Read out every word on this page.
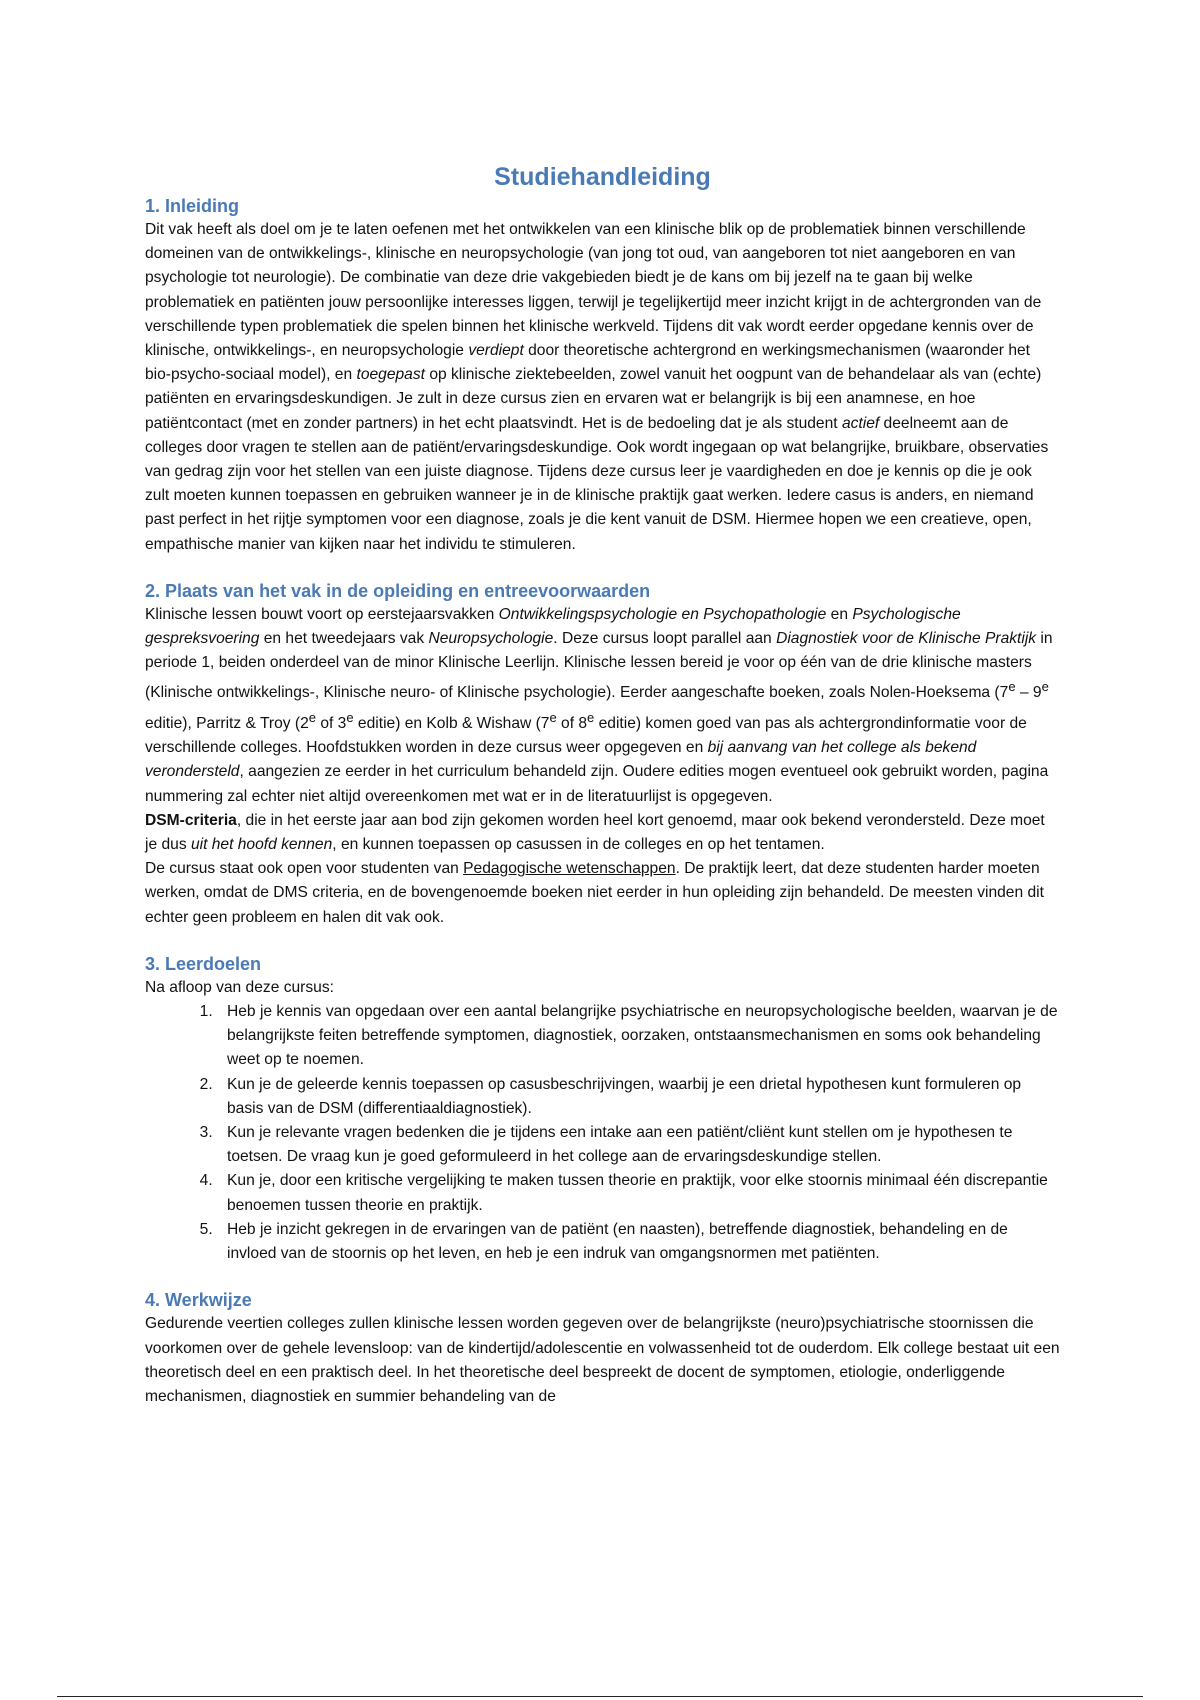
Studiehandleiding
1. Inleiding

Dit vak heeft als doel om je te laten oefenen met het ontwikkelen van een klinische blik op de problematiek binnen verschillende domeinen van de ontwikkelings-, klinische en neuropsychologie (van jong tot oud, van aangeboren tot niet aangeboren en van psychologie tot neurologie). De combinatie van deze drie vakgebieden biedt je de kans om bij jezelf na te gaan bij welke problematiek en patiënten jouw persoonlijke interesses liggen, terwijl je tegelijkertijd meer inzicht krijgt in de achtergronden van de verschillende typen problematiek die spelen binnen het klinische werkveld. Tijdens dit vak wordt eerder opgedane kennis over de klinische, ontwikkelings-, en neuropsychologie verdiept door theoretische achtergrond en werkingsmechanismen (waaronder het bio-psycho-sociaal model), en toegepast op klinische ziektebeelden, zowel vanuit het oogpunt van de behandelaar als van (echte) patiënten en ervaringsdeskundigen. Je zult in deze cursus zien en ervaren wat er belangrijk is bij een anamnese, en hoe patiëntcontact (met en zonder partners) in het echt plaatsvindt. Het is de bedoeling dat je als student actief deelneemt aan de colleges door vragen te stellen aan de patiënt/ervaringsdeskundige. Ook wordt ingegaan op wat belangrijke, bruikbare, observaties van gedrag zijn voor het stellen van een juiste diagnose. Tijdens deze cursus leer je vaardigheden en doe je kennis op die je ook zult moeten kunnen toepassen en gebruiken wanneer je in de klinische praktijk gaat werken. Iedere casus is anders, en niemand past perfect in het rijtje symptomen voor een diagnose, zoals je die kent vanuit de DSM. Hiermee hopen we een creatieve, open, empathische manier van kijken naar het individu te stimuleren.

2. Plaats van het vak in de opleiding en entreevoorwaarden

Klinische lessen bouwt voort op eerstejaarsvakken Ontwikkelingspsychologie en Psychopathologie en Psychologische gespreksvoering en het tweedejaars vak Neuropsychologie. Deze cursus loopt parallel aan Diagnostiek voor de Klinische Praktijk in periode 1, beiden onderdeel van de minor Klinische Leerlijn. Klinische lessen bereid je voor op één van de drie klinische masters (Klinische ontwikkelings-, Klinische neuro- of Klinische psychologie). Eerder aangeschafte boeken, zoals Nolen-Hoeksema (7e – 9e editie), Parritz & Troy (2e of 3e editie) en Kolb & Wishaw (7e of 8e editie) komen goed van pas als achtergrondinformatie voor de verschillende colleges. Hoofdstukken worden in deze cursus weer opgegeven en bij aanvang van het college als bekend verondersteld, aangezien ze eerder in het curriculum behandeld zijn. Oudere edities mogen eventueel ook gebruikt worden, pagina nummering zal echter niet altijd overeenkomen met wat er in de literatuurlijst is opgegeven.

DSM-criteria, die in het eerste jaar aan bod zijn gekomen worden heel kort genoemd, maar ook bekend verondersteld. Deze moet je dus uit het hoofd kennen, en kunnen toepassen op casussen in de colleges en op het tentamen.

De cursus staat ook open voor studenten van Pedagogische wetenschappen. De praktijk leert, dat deze studenten harder moeten werken, omdat de DMS criteria, en de bovengenoemde boeken niet eerder in hun opleiding zijn behandeld. De meesten vinden dit echter geen probleem en halen dit vak ook.

3. Leerdoelen

Na afloop van deze cursus:

1. Heb je kennis van opgedaan over een aantal belangrijke psychiatrische en neuropsychologische beelden, waarvan je de belangrijkste feiten betreffende symptomen, diagnostiek, oorzaken, ontstaansmechanismen en soms ook behandeling weet op te noemen.
2. Kun je de geleerde kennis toepassen op casusbeschrijvingen, waarbij je een drietal hypothesen kunt formuleren op basis van de DSM (differentiaaldiagnostiek).
3. Kun je relevante vragen bedenken die je tijdens een intake aan een patiënt/cliënt kunt stellen om je hypothesen te toetsen. De vraag kun je goed geformuleerd in het college aan de ervaringsdeskundige stellen.
4. Kun je, door een kritische vergelijking te maken tussen theorie en praktijk, voor elke stoornis minimaal één discrepantie benoemen tussen theorie en praktijk.
5. Heb je inzicht gekregen in de ervaringen van de patiënt (en naasten), betreffende diagnostiek, behandeling en de invloed van de stoornis op het leven, en heb je een indruk van omgangsnormen met patiënten.
4. Werkwijze

Gedurende veertien colleges zullen klinische lessen worden gegeven over de belangrijkste (neuro)psychiatrische stoornissen die voorkomen over de gehele levensloop: van de kindertijd/adolescentie en volwassenheid tot de ouderdom. Elk college bestaat uit een theoretisch deel en een praktisch deel. In het theoretische deel bespreekt de docent de symptomen, etiologie, onderliggende mechanismen, diagnostiek en summier behandeling van de
